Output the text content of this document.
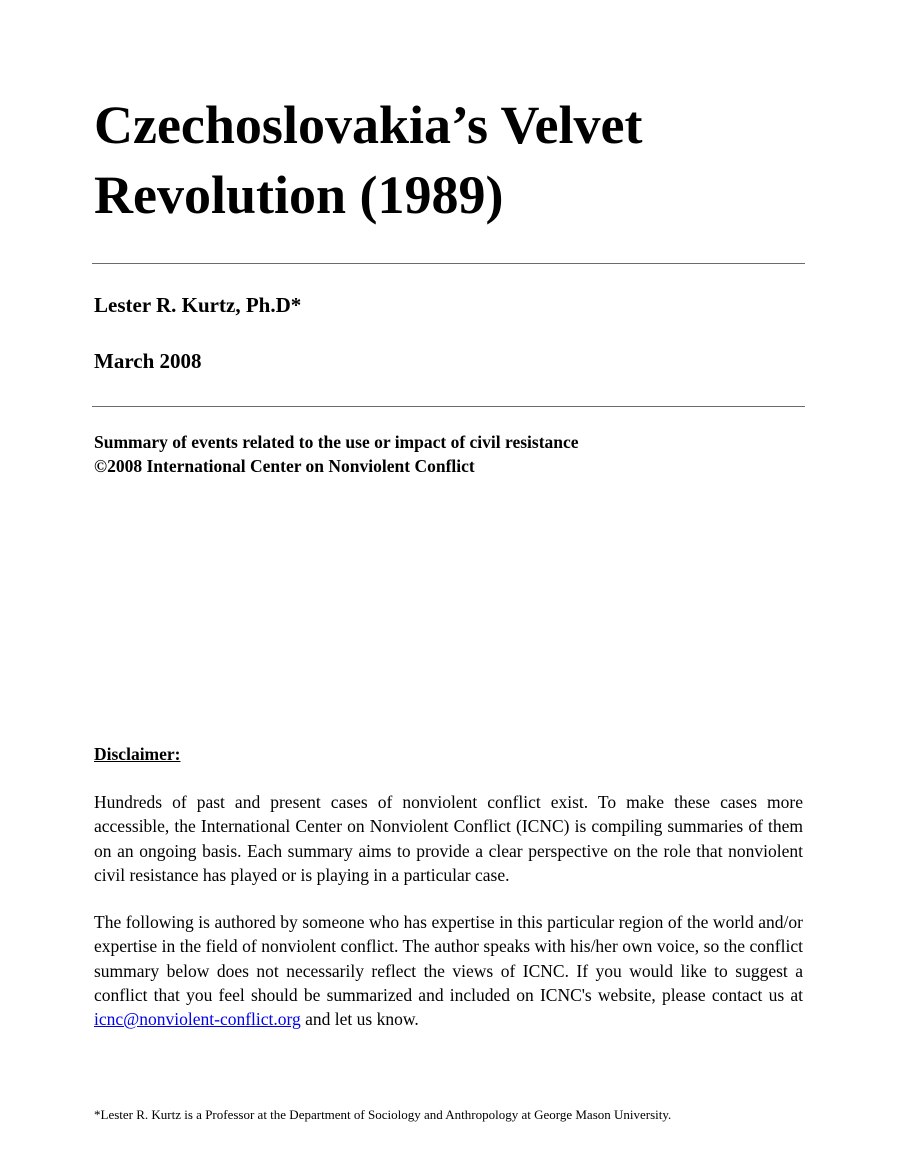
Czechoslovakia’s Velvet
Revolution (1989)

Lester R. Kurtz, Ph.D*

March 2008

Summary of events related to the use or impact of civil resistance
©2008 International Center on Nonviolent Conflict

Disclaimer:

Hundreds of past and present cases of nonviolent conflict exist. To make these cases more accessible, the International Center on Nonviolent Conflict (ICNC) is compiling summaries of them on an ongoing basis. Each summary aims to provide a clear perspective on the role that nonviolent civil resistance has played or is playing in a particular case.

The following is authored by someone who has expertise in this particular region of the world and/or expertise in the field of nonviolent conflict. The author speaks with his/her own voice, so the conflict summary below does not necessarily reflect the views of ICNC. If you would like to suggest a conflict that you feel should be summarized and included on ICNC's website, please contact us at icnc@nonviolent-conflict.org and let us know.

*Lester R. Kurtz is a Professor at the Department of Sociology and Anthropology at George Mason University.
